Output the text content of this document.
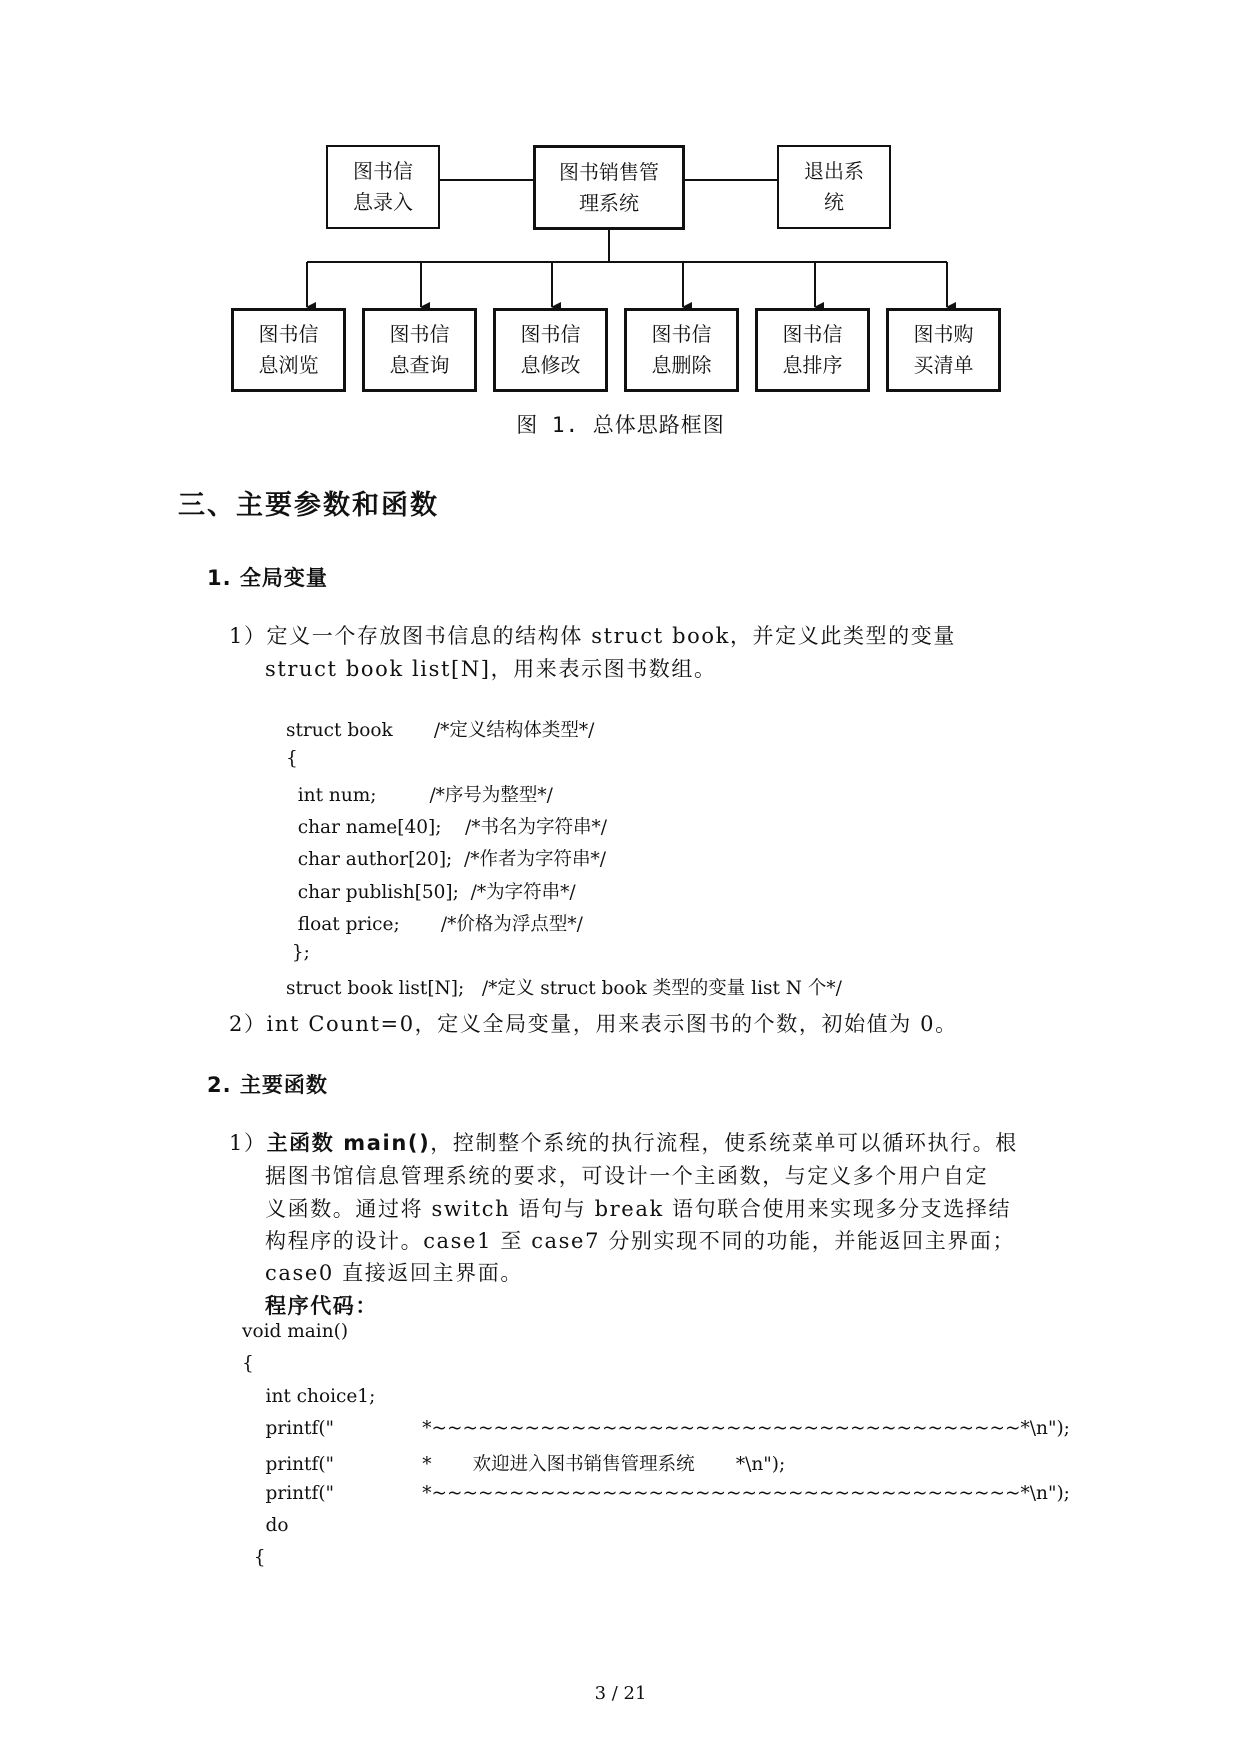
图书信
息录入
图书销售管
理系统
退出系
统
图书信
息浏览
图书信
息查询
图书信
息修改
图书信
息删除
图书信
息排序
图书购
买清单
图 1. 总体思路框图
三、主要参数和函数
1. 全局变量
1）定义一个存放图书信息的结构体 struct book，并定义此类型的变量
struct book list[N]，用来表示图书数组。
struct book       /*定义结构体类型*/
{
int num;         /*序号为整型*/
char name[40];    /*书名为字符串*/
char author[20];  /*作者为字符串*/
char publish[50];  /*为字符串*/
float price;       /*价格为浮点型*/
};
struct book list[N];   /*定义 struct book 类型的变量 list N 个*/
2）int Count=0，定义全局变量，用来表示图书的个数，初始值为 0。
2. 主要函数
1）主函数 main()，控制整个系统的执行流程，使系统菜单可以循环执行。根
据图书馆信息管理系统的要求，可设计一个主函数，与定义多个用户自定
义函数。通过将 switch 语句与 break 语句联合使用来实现多分支选择结
构程序的设计。case1 至 case7 分别实现不同的功能，并能返回主界面；
case0 直接返回主界面。
程序代码：
void main()
{
int choice1;
printf("               *~~~~~~~~~~~~~~~~~~~~~~~~~~~~~~~~~~~~~~*\n");
printf("               *       欢迎进入图书销售管理系统       *\n");
printf("               *~~~~~~~~~~~~~~~~~~~~~~~~~~~~~~~~~~~~~~*\n");
do
{
3 / 21
